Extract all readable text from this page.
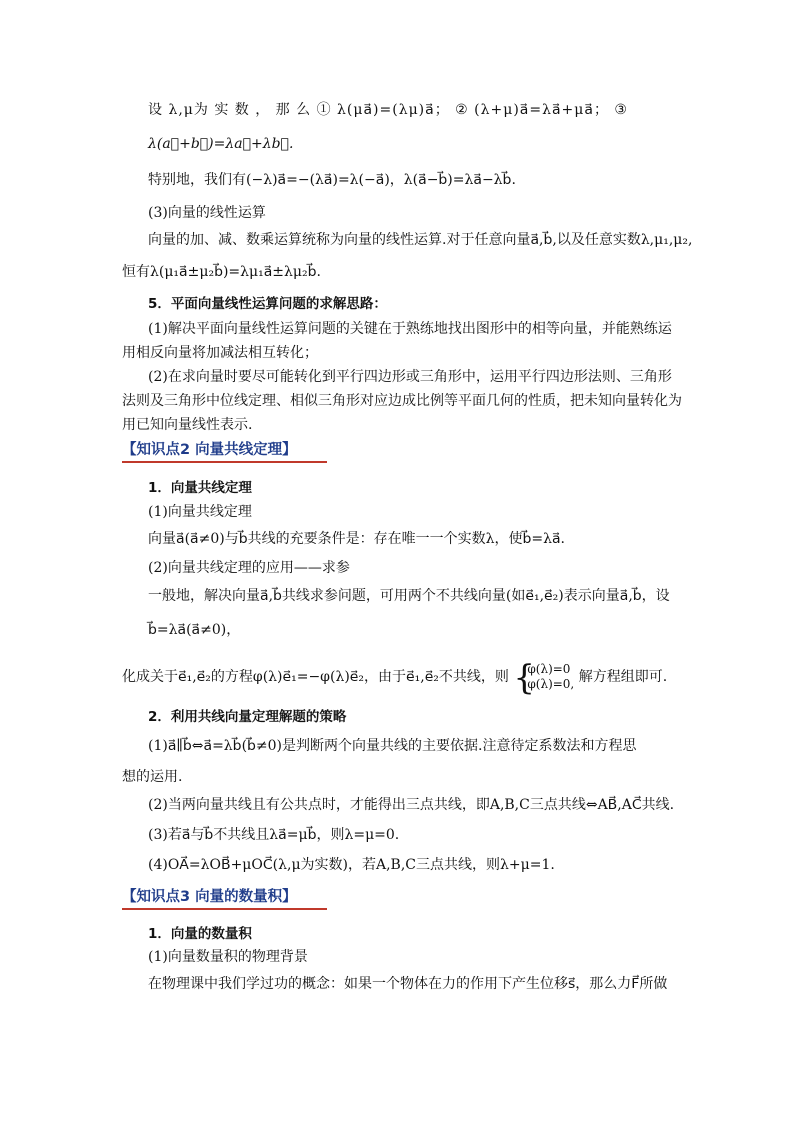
设 λ,μ为 实 数 ， 那 么 ① λ(μa⃗)=(λμ)a⃗； ② (λ+μ)a⃗=λa⃗+μa⃗； ③
λ(a⃗+b⃗)=λa⃗+λb⃗.
特别地，我们有(−λ)a⃗=−(λa⃗)=λ(−a⃗)，λ(a⃗−b⃗)=λa⃗−λb⃗.
(3)向量的线性运算
向量的加、减、数乘运算统称为向量的线性运算.对于任意向量a⃗,b⃗,以及任意实数λ,μ₁,μ₂,
恒有λ(μ₁a⃗±μ₂b⃗)=λμ₁a⃗±λμ₂b⃗.
5．平面向量线性运算问题的求解思路：
(1)解决平面向量线性运算问题的关键在于熟练地找出图形中的相等向量，并能熟练运
用相反向量将加减法相互转化；
(2)在求向量时要尽可能转化到平行四边形或三角形中，运用平行四边形法则、三角形
法则及三角形中位线定理、相似三角形对应边成比例等平面几何的性质，把未知向量转化为
用已知向量线性表示.
【知识点2 向量共线定理】
1．向量共线定理
(1)向量共线定理
向量a⃗(a⃗≠0)与b⃗共线的充要条件是：存在唯一一个实数λ，使b⃗=λa⃗.
(2)向量共线定理的应用——求参
一般地，解决向量a⃗,b⃗共线求参问题，可用两个不共线向量(如e⃗₁,e⃗₂)表示向量a⃗,b⃗，设
b⃗=λa⃗(a⃗≠0)，
化成关于e⃗₁,e⃗₂的方程φ(λ)e⃗₁=−φ(λ)e⃗₂，由于e⃗₁,e⃗₂不共线，则 {
φ(λ)=0
φ(λ)=0, 解方程组即可.
2．利用共线向量定理解题的策略
(1)a⃗∥b⃗⇔a⃗=λb⃗(b⃗≠0)是判断两个向量共线的主要依据.注意待定系数法和方程思
想的运用.
(2)当两向量共线且有公共点时，才能得出三点共线，即A,B,C三点共线⇔AB⃗,AC⃗共线.
(3)若a⃗与b⃗不共线且λa⃗=μb⃗，则λ=μ=0.
(4)OA⃗=λOB⃗+μOC⃗(λ,μ为实数)，若A,B,C三点共线，则λ+μ=1.
【知识点3 向量的数量积】
1．向量的数量积
(1)向量数量积的物理背景
在物理课中我们学过功的概念：如果一个物体在力的作用下产生位移s⃗，那么力F⃗所做
